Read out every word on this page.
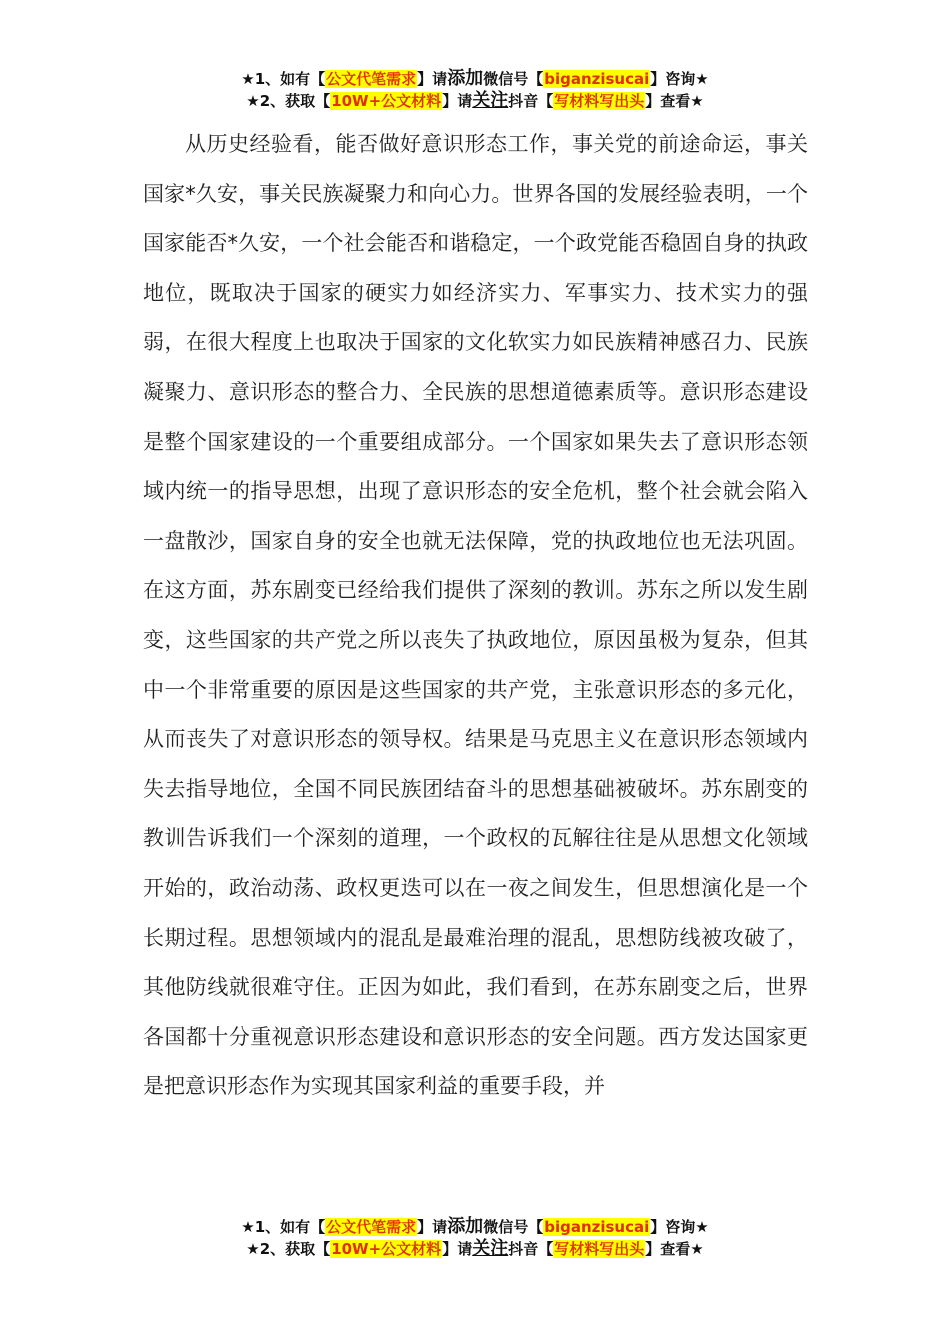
★1、如有【公文代笔需求】请添加微信号【biganzisucai】咨询★
★2、获取【10W+公文材料】请关注抖音【写材料写出头】查看★

从历史经验看，能否做好意识形态工作，事关党的前途命运，事关国家*久安，事关民族凝聚力和向心力。世界各国的发展经验表明，一个国家能否*久安，一个社会能否和谐稳定，一个政党能否稳固自身的执政地位，既取决于国家的硬实力如经济实力、军事实力、技术实力的强弱，在很大程度上也取决于国家的文化软实力如民族精神感召力、民族凝聚力、意识形态的整合力、全民族的思想道德素质等。意识形态建设是整个国家建设的一个重要组成部分。一个国家如果失去了意识形态领域内统一的指导思想，出现了意识形态的安全危机，整个社会就会陷入一盘散沙，国家自身的安全也就无法保障，党的执政地位也无法巩固。在这方面，苏东剧变已经给我们提供了深刻的教训。苏东之所以发生剧变，这些国家的共产党之所以丧失了执政地位，原因虽极为复杂，但其中一个非常重要的原因是这些国家的共产党，主张意识形态的多元化，从而丧失了对意识形态的领导权。结果是马克思主义在意识形态领域内失去指导地位，全国不同民族团结奋斗的思想基础被破坏。苏东剧变的教训告诉我们一个深刻的道理，一个政权的瓦解往往是从思想文化领域开始的，政治动荡、政权更迭可以在一夜之间发生，但思想演化是一个长期过程。思想领域内的混乱是最难治理的混乱，思想防线被攻破了，其他防线就很难守住。正因为如此，我们看到，在苏东剧变之后，世界各国都十分重视意识形态建设和意识形态的安全问题。西方发达国家更是把意识形态作为实现其国家利益的重要手段，并

★1、如有【公文代笔需求】请添加微信号【biganzisucai】咨询★
★2、获取【10W+公文材料】请关注抖音【写材料写出头】查看★
